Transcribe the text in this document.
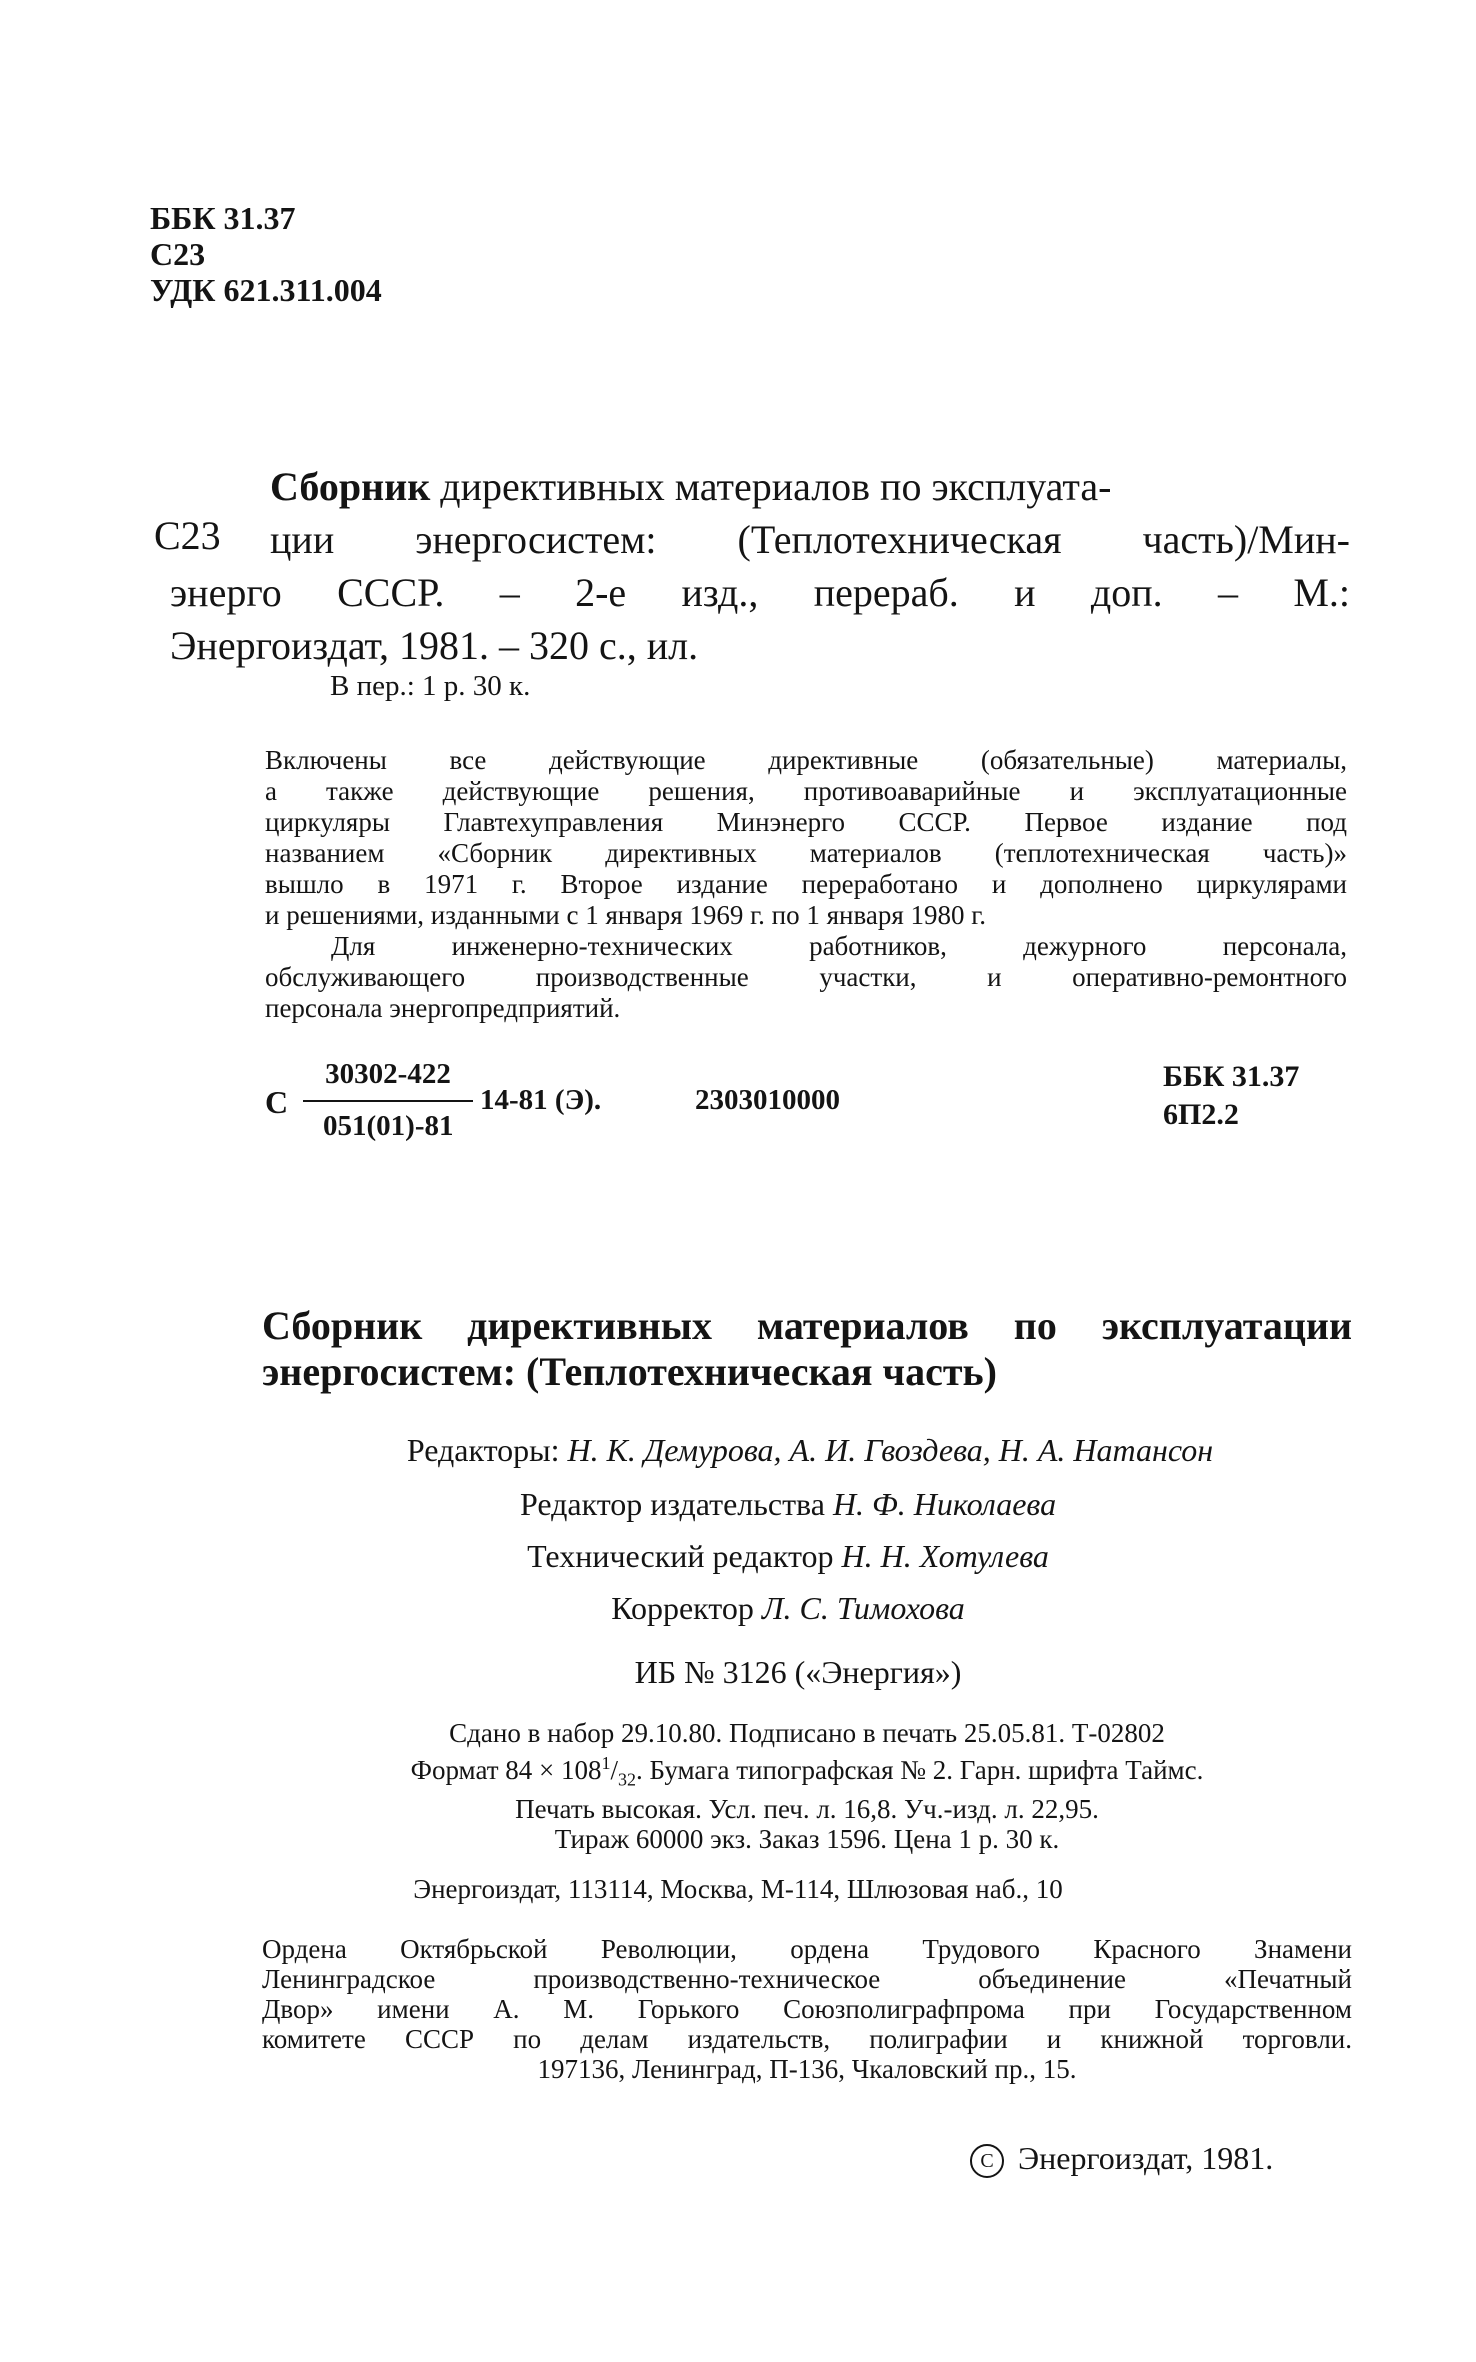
ББК 31.37
С23
УДК 621.311.004
С23
Сборник директивных материалов по эксплуата-
ции энергосистем: (Теплотехническая часть)/Мин-
энерго СССР. – 2-е изд., перераб. и доп. – М.:
Энергоиздат, 1981. – 320 с., ил.
В пер.: 1 р. 30 к.

Включены все действующие директивные (обязательные) материалы,

а также действующие решения, противоаварийные и эксплуатационные

циркуляры Главтехуправления Минэнерго СССР. Первое издание под

названием «Сборник директивных материалов (теплотехническая часть)»

вышло в 1971 г. Второе издание переработано и дополнено циркулярами

и решениями, изданными с 1 января 1969 г. по 1 января 1980 г.

Для инженерно-технических работников, дежурного персонала,

обслуживающего производственные участки, и оперативно-ремонтного

персонала энергопредприятий.

С
30302-422
051(01)-81
14-81 (Э).	2303010000
ББК 31.37
6П2.2
Сборник директивных материалов по эксплуатации
энергосистем: (Теплотехническая часть)
Редакторы: Н. К. Демурова, А. И. Гвоздева, Н. А. Натансон
Редактор издательства Н. Ф. Николаева
Технический редактор Н. Н. Хотулева
Корректор Л. С. Тимохова
ИБ № 3126 («Энергия»)
Сдано в набор 29.10.80. Подписано в печать 25.05.81. Т-02802
Формат $84 \times 108^1/_{32}$. Бумага типографская № 2. Гарн. шрифта Таймс.
Печать высокая. Усл. печ. л. 16,8. Уч.-изд. л. 22,95.
Тираж 60000 экз. Заказ 1596. Цена 1 р. 30 к.
Энергоиздат, 113114, Москва, М-114, Шлюзовая наб., 10

Ордена Октябрьской Революции, ордена Трудового Красного Знамени

Ленинградское производственно-техническое объединение «Печатный

Двор» имени А. М. Горького Союзполиграфпрома при Государственном

комитете СССР по делам издательств, полиграфии и книжной торговли.

197136, Ленинград, П-136, Чкаловский пр., 15.

C Энергоиздат, 1981.
